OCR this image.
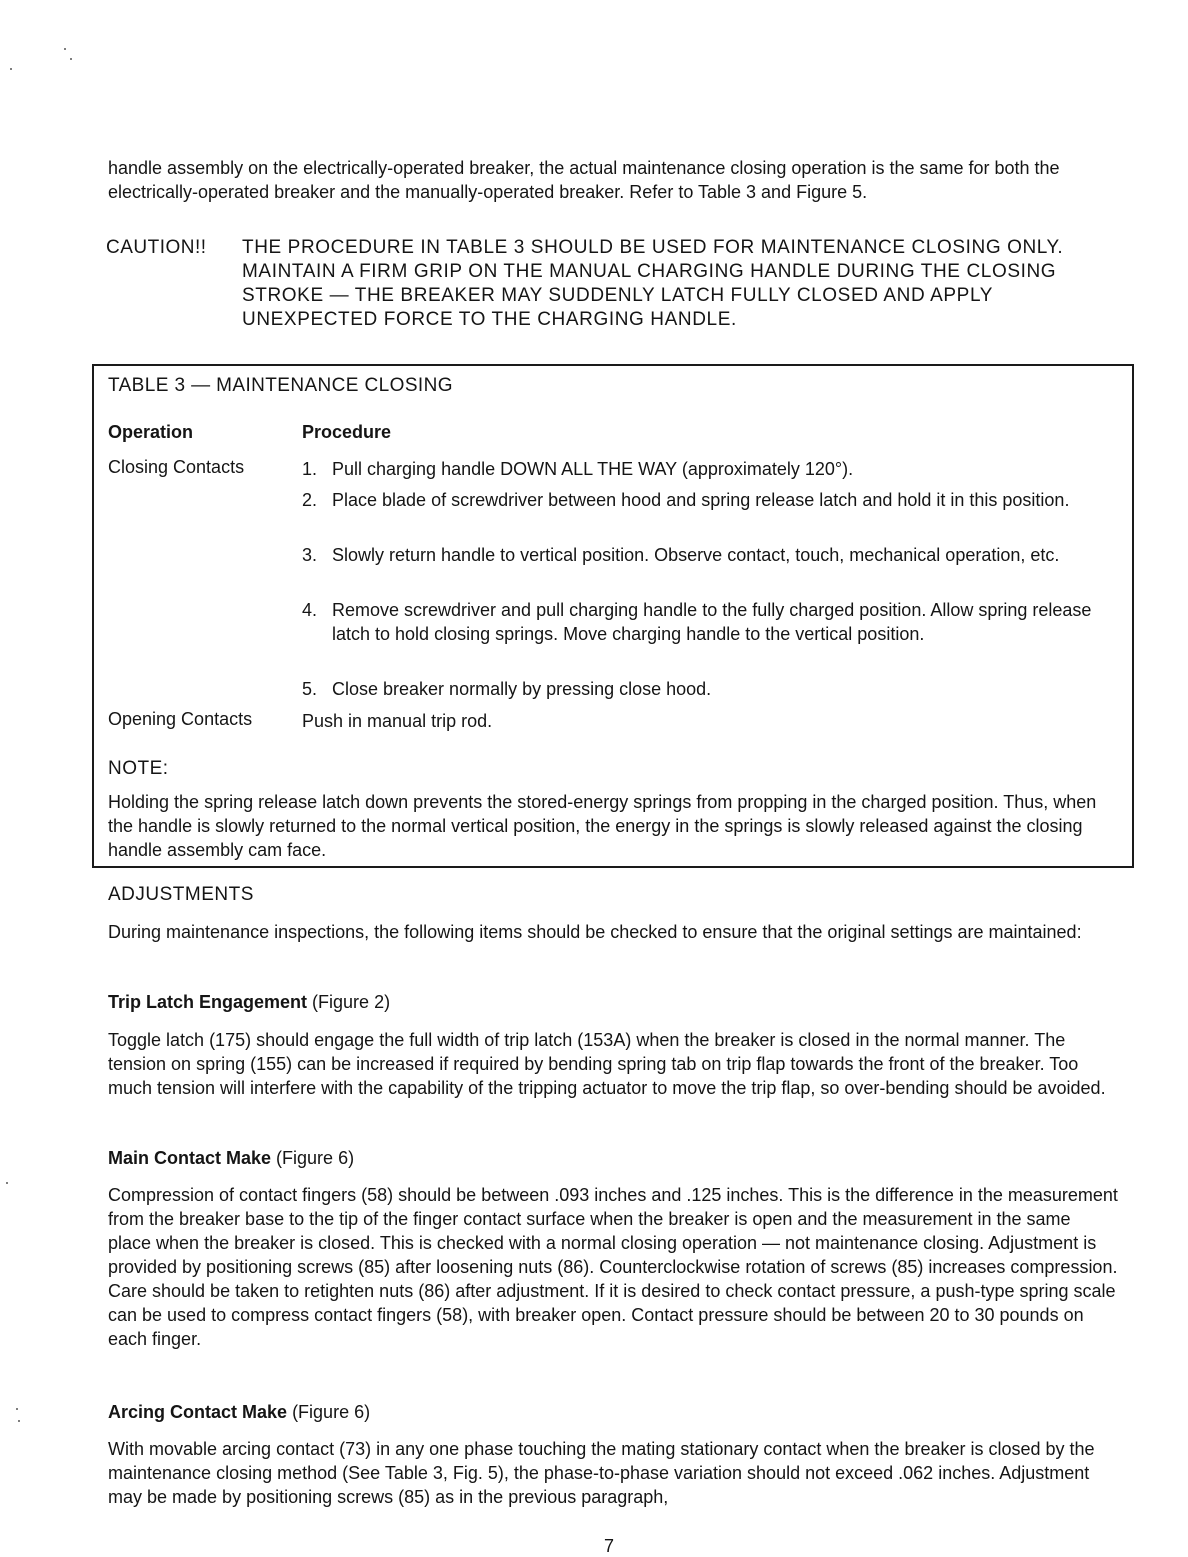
handle assembly on the electrically-operated breaker, the actual maintenance closing operation is the same for both the electrically-operated breaker and the manually-operated breaker. Refer to Table 3 and Figure 5.

CAUTION!! THE PROCEDURE IN TABLE 3 SHOULD BE USED FOR MAINTENANCE CLOSING ONLY. MAINTAIN A FIRM GRIP ON THE MANUAL CHARGING HANDLE DURING THE CLOSING STROKE — THE BREAKER MAY SUDDENLY LATCH FULLY CLOSED AND APPLY UNEXPECTED FORCE TO THE CHARGING HANDLE.

TABLE 3 — MAINTENANCE CLOSING
Operation	Procedure
Closing Contacts	1. Pull charging handle DOWN ALL THE WAY (approximately 120°).
2. Place blade of screwdriver between hood and spring release latch and hold it in this position.
3. Slowly return handle to vertical position. Observe contact, touch, mechanical operation, etc.
4. Remove screwdriver and pull charging handle to the fully charged position. Allow spring release latch to hold closing springs. Move charging handle to the vertical position.
5. Close breaker normally by pressing close hood.
Opening Contacts	Push in manual trip rod.
NOTE:

Holding the spring release latch down prevents the stored-energy springs from propping in the charged position. Thus, when the handle is slowly returned to the normal vertical position, the energy in the springs is slowly released against the closing handle assembly cam face.

ADJUSTMENTS

During maintenance inspections, the following items should be checked to ensure that the original settings are maintained:

Trip Latch Engagement (Figure 2)

Toggle latch (175) should engage the full width of trip latch (153A) when the breaker is closed in the normal manner. The tension on spring (155) can be increased if required by bending spring tab on trip flap towards the front of the breaker. Too much tension will interfere with the capability of the tripping actuator to move the trip flap, so over-bending should be avoided.

Main Contact Make (Figure 6)

Compression of contact fingers (58) should be between .093 inches and .125 inches. This is the difference in the measurement from the breaker base to the tip of the finger contact surface when the breaker is open and the measurement in the same place when the breaker is closed. This is checked with a normal closing operation — not maintenance closing. Adjustment is provided by positioning screws (85) after loosening nuts (86). Counterclockwise rotation of screws (85) increases compression. Care should be taken to retighten nuts (86) after adjustment. If it is desired to check contact pressure, a push-type spring scale can be used to compress contact fingers (58), with breaker open. Contact pressure should be between 20 to 30 pounds on each finger.

Arcing Contact Make (Figure 6)

With movable arcing contact (73) in any one phase touching the mating stationary contact when the breaker is closed by the maintenance closing method (See Table 3, Fig. 5), the phase-to-phase variation should not exceed .062 inches. Adjustment may be made by positioning screws (85) as in the previous paragraph,

7
